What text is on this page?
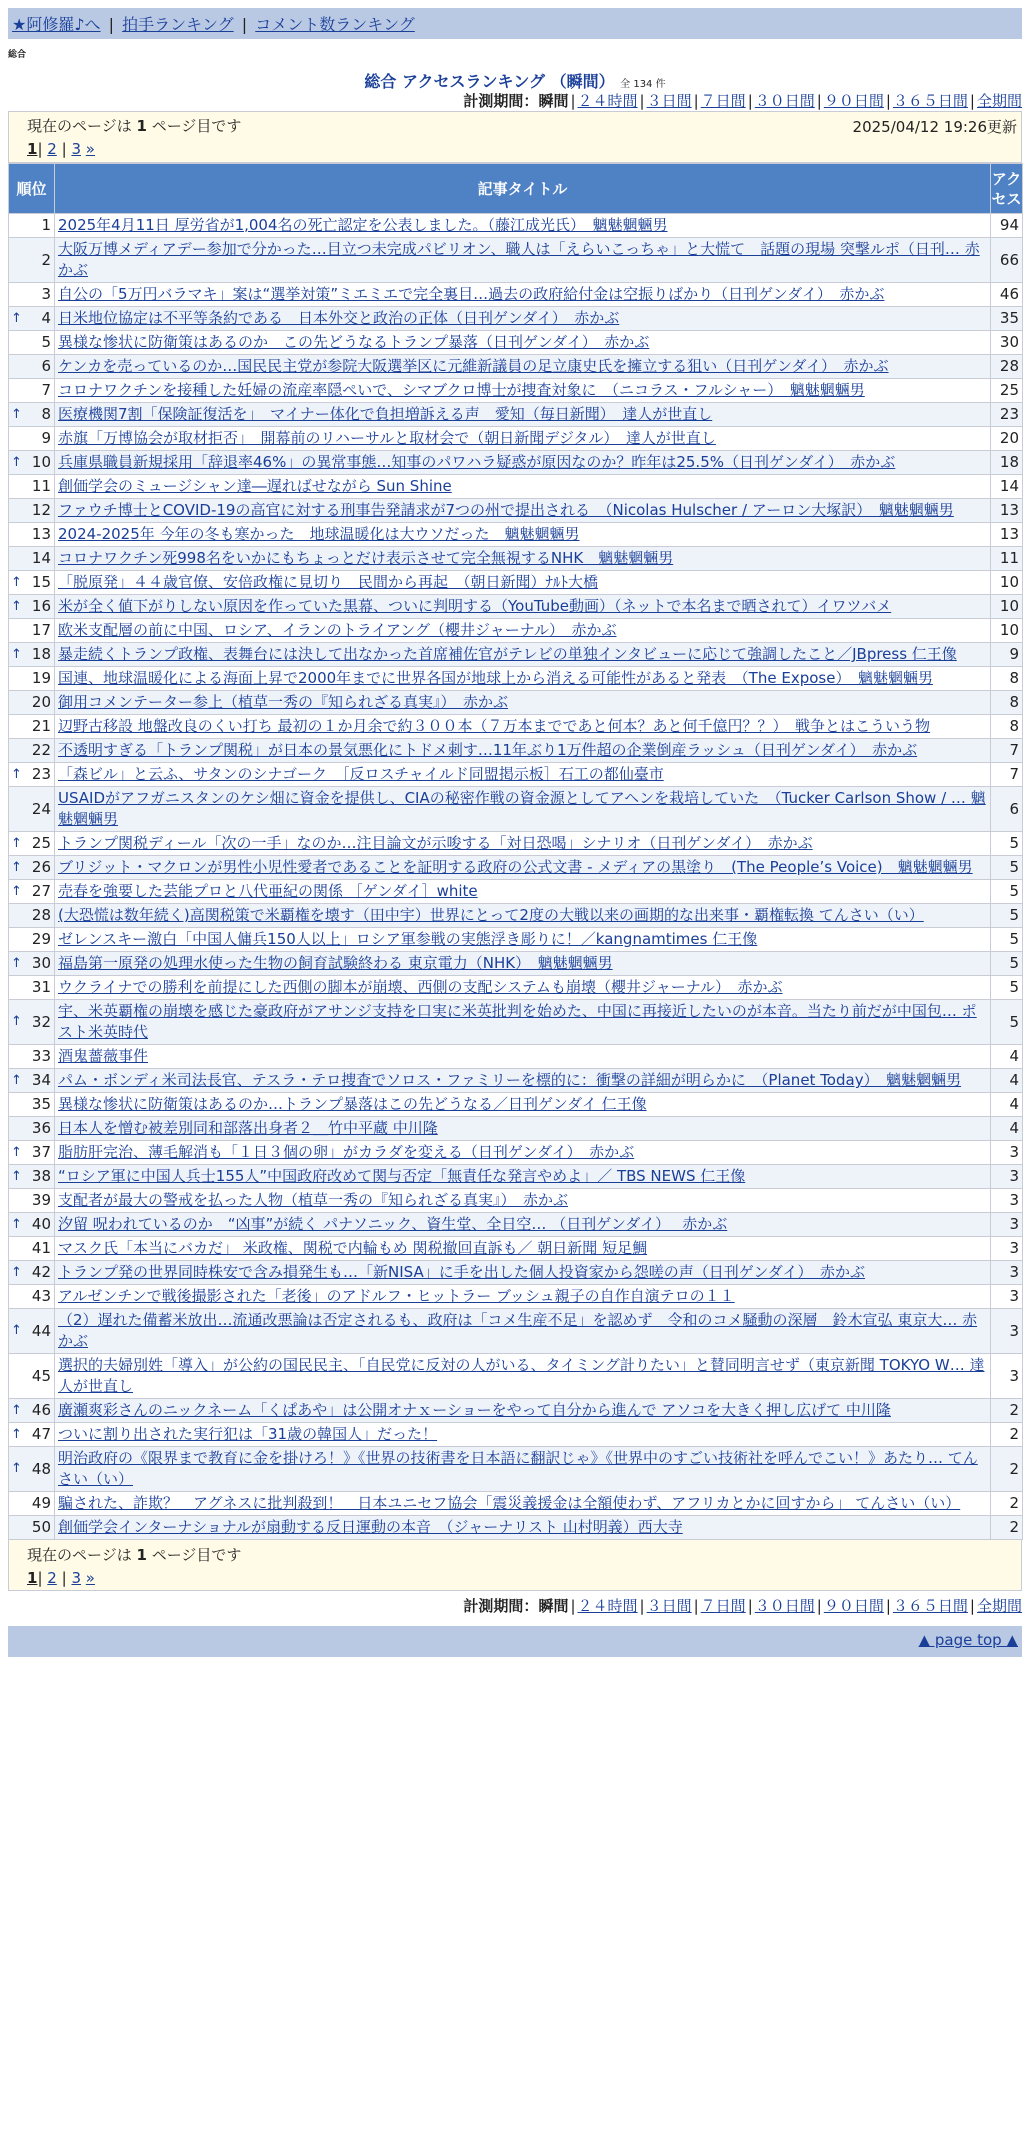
★阿修羅♪へ | 拍手ランキング | コメント数ランキング
総合
総合 アクセスランキング （瞬間） 全 134 件
計測期間：瞬間 | ２４時間 | ３日間 | ７日間 | ３０日間 | ９０日間 | ３６５日間 | 全期間
現在のページは 1 ページ目です	2025/04/12 19:26更新
1| 2 | 3 »
順位	記事タイトル	アクセス
1	2025年4月11日 厚労省が1,004名の死亡認定を公表しました。（藤江成光氏）　魑魅魍魎男	94
2	大阪万博メディアデー参加で分かった…目立つ未完成パビリオン、職人は「えらいこっちゃ」と大慌て　話題の現場 突撃ルポ（日刊… 赤かぶ	66
3	自公の「5万円バラマキ」案は“選挙対策”ミエミエで完全裏目…過去の政府給付金は空振りばかり（日刊ゲンダイ）　赤かぶ	46

↑ 4	日米地位協定は不平等条約である　日本外交と政治の正体（日刊ゲンダイ）　赤かぶ	35
5	異様な惨状に防衛策はあるのか　この先どうなるトランプ暴落（日刊ゲンダイ）　赤かぶ	30
6	ケンカを売っているのか…国民民主党が参院大阪選挙区に元維新議員の足立康史氏を擁立する狙い（日刊ゲンダイ）　赤かぶ	28
7	コロナワクチンを接種した妊婦の流産率隠ぺいで、シマブクロ博士が捜査対象に　（ニコラス・フルシャー）　魑魅魍魎男	25

↑ 8	医療機関7割「保険証復活を」　マイナー体化で負担増訴える声　愛知（毎日新聞）　達人が世直し	23
9	赤旗「万博協会が取材拒否」　開幕前のリハーサルと取材会で（朝日新聞デジタル）　達人が世直し	20

↑ 10	兵庫県職員新規採用「辞退率46%」の異常事態…知事のパワハラ疑惑が原因なのか？昨年は25.5%（日刊ゲンダイ）　赤かぶ	18
11	創価学会のミュージシャン達―遅ればせながら Sun Shine	14
12	ファウチ博士とCOVID-19の高官に対する刑事告発請求が7つの州で提出される　（Nicolas Hulscher / アーロン大塚訳）　魑魅魍魎男	13
13	2024-2025年 今年の冬も寒かった　地球温暖化は大ウソだった　魑魅魍魎男	13
14	コロナワクチン死998名をいかにもちょっとだけ表示させて完全無視するNHK　魑魅魍魎男	11

↑ 15	「脱原発」４４歳官僚、安倍政権に見切り　民間から再起　（朝日新聞）ﾅﾙﾄ大橋	10

↑ 16	米が全く値下がりしない原因を作っていた黒幕、ついに判明する（YouTube動画）（ネットで本名まで晒されて）イワツバメ	10
17	欧米支配層の前に中国、ロシア、イランのトライアング（櫻井ジャーナル）　赤かぶ	10

↑ 18	暴走続くトランプ政権、表舞台には決して出なかった首席補佐官がテレビの単独インタビューに応じて強調したこと／JBpress 仁王像	9
19	国連、地球温暖化による海面上昇で2000年までに世界各国が地球上から消える可能性があると発表　（The Expose）　魑魅魍魎男	8
20	御用コメンテーター参上（植草一秀の『知られざる真実』）　赤かぶ	8
21	辺野古移設 地盤改良のくい打ち 最初の１か月余で約３００本（７万本までであと何本？あと何千億円？？）　戦争とはこういう物	8
22	不透明すぎる「トランプ関税」が日本の景気悪化にトドメ刺す…11年ぶり1万件超の企業倒産ラッシュ（日刊ゲンダイ）　赤かぶ	7

↑ 23	「森ビル」と云ふ、サタンのシナゴーク　［反ロスチャイルド同盟掲示板］石工の都仙臺市	7
24	USAIDがアフガニスタンのケシ畑に資金を提供し、CIAの秘密作戦の資金源としてアヘンを栽培していた　（Tucker Carlson Show / … 魑魅魍魎男	6

↑ 25	トランプ関税ディール「次の一手」なのか…注目論文が示唆する「対日恐喝」シナリオ（日刊ゲンダイ）　赤かぶ	5

↑ 26	ブリジット・マクロンが男性小児性愛者であることを証明する政府の公式文書 - メディアの黒塗り　(The People’s Voice)　魑魅魍魎男	5

↑ 27	売春を強要した芸能プロと八代亜紀の関係 ［ゲンダイ］white	5
28	(大恐慌は数年続く)高関税策で米覇権を壊す（田中宇）世界にとって2度の大戦以来の画期的な出来事・覇権転換 てんさい（い）	5
29	ゼレンスキー激白「中国人傭兵150人以上」ロシア軍参戦の実態浮き彫りに！／kangnamtimes 仁王像	5

↑ 30	福島第一原発の処理水使った生物の飼育試験終わる 東京電力（NHK）　魑魅魍魎男	5
31	ウクライナでの勝利を前提にした西側の脚本が崩壊、西側の支配システムも崩壊（櫻井ジャーナル）　赤かぶ	5

↑ 32	宇、米英覇権の崩壊を感じた豪政府がアサンジ支持を口実に米英批判を始めた、中国に再接近したいのが本音。当たり前だが中国包… ポスト米英時代	5
33	酒鬼薔薇事件	4

↑ 34	パム・ボンディ米司法長官、テスラ・テロ捜査でソロス・ファミリーを標的に：衝撃の詳細が明らかに　（Planet Today）　魑魅魍魎男	4
35	異様な惨状に防衛策はあるのか…トランプ暴落はこの先どうなる／日刊ゲンダイ 仁王像	4
36	日本人を憎む被差別同和部落出身者２＿竹中平蔵 中川隆	4

↑ 37	脂肪肝完治、薄毛解消も「１日３個の卵」がカラダを変える（日刊ゲンダイ）　赤かぶ	3

↑ 38	“ロシア軍に中国人兵士155人”中国政府改めて関与否定「無責任な発言やめよ」／ TBS NEWS 仁王像	3
39	支配者が最大の警戒を払った人物（植草一秀の『知られざる真実』）　赤かぶ	3

↑ 40	汐留 呪われているのか　“凶事”が続く パナソニック、資生堂、全日空… （日刊ゲンダイ）　 赤かぶ	3
41	マスク氏「本当にバカだ」 米政権、関税で内輪もめ 関税撤回直訴も／ 朝日新聞 短足鯛	3

↑ 42	トランプ発の世界同時株安で含み損発生も…「新NISA」に手を出した個人投資家から怨嗟の声（日刊ゲンダイ）　赤かぶ	3
43	アルゼンチンで戦後撮影された「老後」のアドルフ・ヒットラー ブッシュ親子の自作自演テロの１１	3

↑ 44	（2）遅れた備蓄米放出…流通改悪論は否定されるも、政府は「コメ生産不足」を認めず　令和のコメ騒動の深層　鈴木宣弘 東京大… 赤かぶ	3
45	選択的夫婦別姓「導入」が公約の国民民主、「自民党に反対の人がいる、タイミング計りたい」と賛同明言せず（東京新聞 TOKYO W… 達人が世直し	3

↑ 46	廣瀬爽彩さんのニックネーム「くぱあや」は公開オナｘーショーをやって自分から進んで アソコを大きく押し広げて 中川隆	2

↑ 47	ついに割り出された実行犯は「31歳の韓国人」だった！	2

↑ 48	明治政府の《限界まで教育に金を掛けろ！》《世界の技術書を日本語に翻訳じゃ》《世界中のすごい技術社を呼んでこい！》あたり… てんさい（い）	2
49	騙された、詐欺？　アグネスに批判殺到！　日本ユニセフ協会「震災義援金は全額使わず、アフリカとかに回すから」 てんさい（い）	2
50	創価学会インターナショナルが扇動する反日運動の本音　（ジャーナリスト 山村明義）西大寺	2
現在のページは 1 ページ目です
1| 2 | 3 »
計測期間：瞬間 | ２４時間 | ３日間 | ７日間 | ３０日間 | ９０日間 | ３６５日間 | 全期間
▲ page top ▲
